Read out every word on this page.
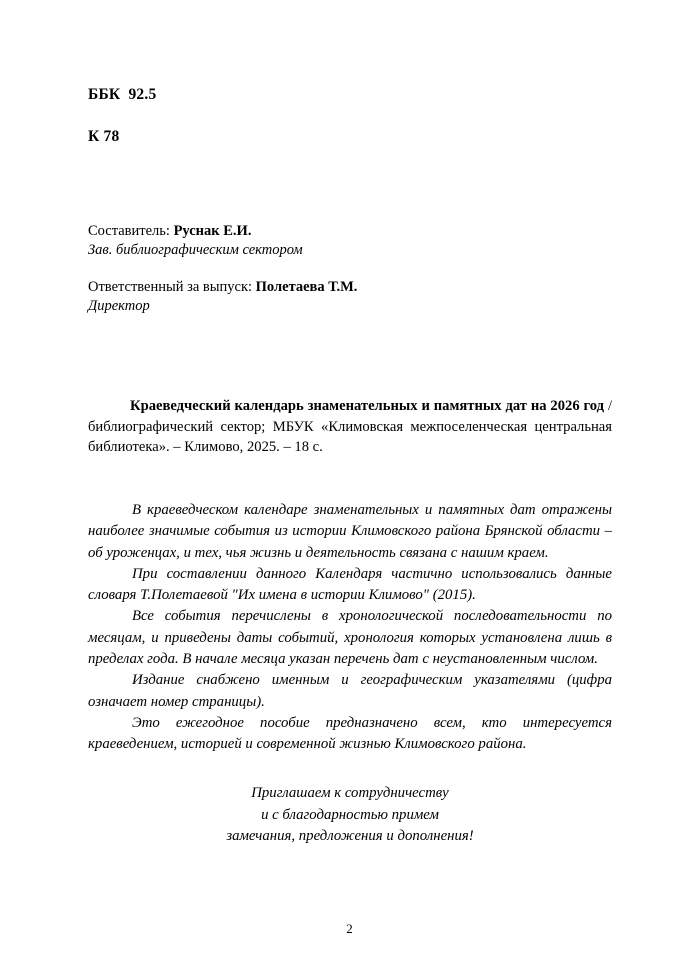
ББК  92.5
К 78
Составитель: Руснак Е.И.
Зав. библиографическим сектором
Ответственный за выпуск: Полетаева Т.М.
Директор
Краеведческий календарь знаменательных и памятных дат на 2026 год / библиографический сектор; МБУК «Климовская межпоселенческая центральная библиотека». – Климово, 2025. – 18 с.

В краеведческом календаре знаменательных и памятных дат отражены наиболее значимые события из истории Климовского района Брянской области – об уроженцах, и тех, чья жизнь и деятельность связана с нашим краем.

При составлении данного Календаря частично использовались данные словаря Т.Полетаевой "Их имена в истории Климово" (2015).

Все события перечислены в хронологической последовательности по месяцам, и приведены даты событий, хронология которых установлена лишь в пределах года. В начале месяца указан перечень дат с неустановленным числом.

Издание снабжено именным и географическим указателями (цифра означает номер страницы).

Это ежегодное пособие предназначено всем, кто интересуется краеведением, историей и современной жизнью Климовского района.

Приглашаем к сотрудничеству
и с благодарностью примем
замечания, предложения и дополнения!
2
